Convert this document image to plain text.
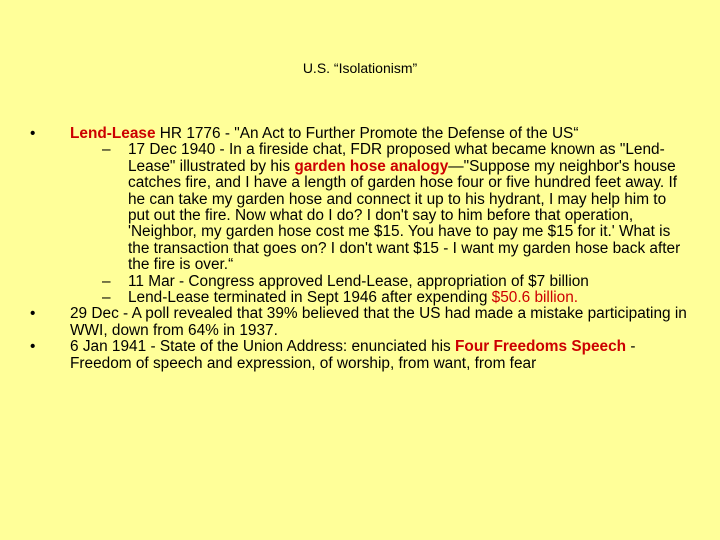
U.S. “Isolationism”
• Lend-Lease HR 1776 - "An Act to Further Promote the Defense of the US“
– 17 Dec 1940 - In a fireside chat, FDR proposed what became known as "Lend-Lease" illustrated by his garden hose analogy—"Suppose my neighbor's house catches fire, and I have a length of garden hose four or five hundred feet away. If he can take my garden hose and connect it up to his hydrant, I may help him to put out the fire. Now what do I do? I don't say to him before that operation, 'Neighbor, my garden hose cost me $15. You have to pay me $15 for it.' What is the transaction that goes on? I don't want $15 - I want my garden hose back after the fire is over.“
– 11 Mar - Congress approved Lend-Lease, appropriation of $7 billion
– Lend-Lease terminated in Sept 1946 after expending $50.6 billion.
• 29 Dec - A poll revealed that 39% believed that the US had made a mistake participating in WWI, down from 64% in 1937.
• 6 Jan 1941 - State of the Union Address: enunciated his Four Freedoms Speech - Freedom of speech and expression, of worship, from want, from fear
